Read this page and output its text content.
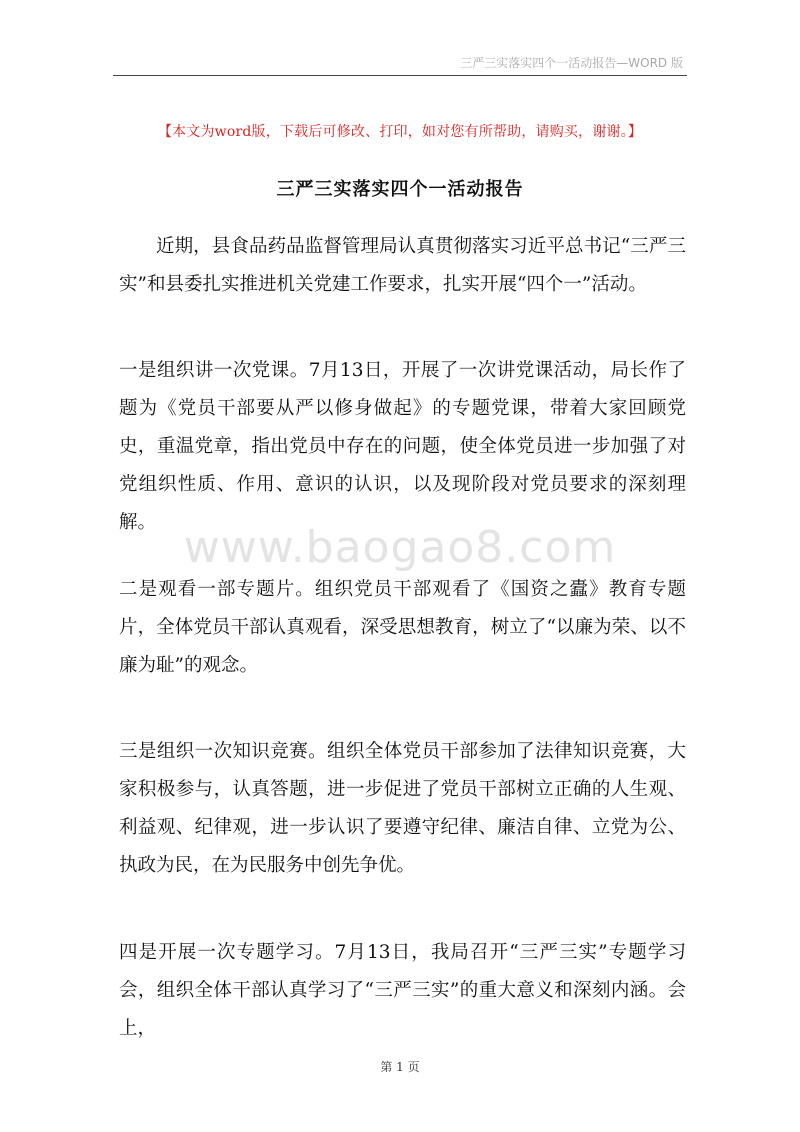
三严三实落实四个一活动报告—WORD 版
【本文为word版，下载后可修改、打印，如对您有所帮助，请购买，谢谢。】
三严三实落实四个一活动报告

近期，县食品药品监督管理局认真贯彻落实习近平总书记“三严三实”和县委扎实推进机关党建工作要求，扎实开展“四个一”活动。

一是组织讲一次党课。7月13日，开展了一次讲党课活动，局长作了题为《党员干部要从严以修身做起》的专题党课，带着大家回顾党史，重温党章，指出党员中存在的问题，使全体党员进一步加强了对党组织性质、作用、意识的认识，以及现阶段对党员要求的深刻理解。 www.baogao8.com

二是观看一部专题片。组织党员干部观看了《国资之蠹》教育专题片，全体党员干部认真观看，深受思想教育，树立了“以廉为荣、以不廉为耻”的观念。

三是组织一次知识竞赛。组织全体党员干部参加了法律知识竞赛，大家积极参与，认真答题，进一步促进了党员干部树立正确的人生观、利益观、纪律观，进一步认识了要遵守纪律、廉洁自律、立党为公、执政为民，在为民服务中创先争优。

四是开展一次专题学习。7月13日，我局召开“三严三实”专题学习会，组织全体干部认真学习了“三严三实”的重大意义和深刻内涵。会上，

第 1 页
